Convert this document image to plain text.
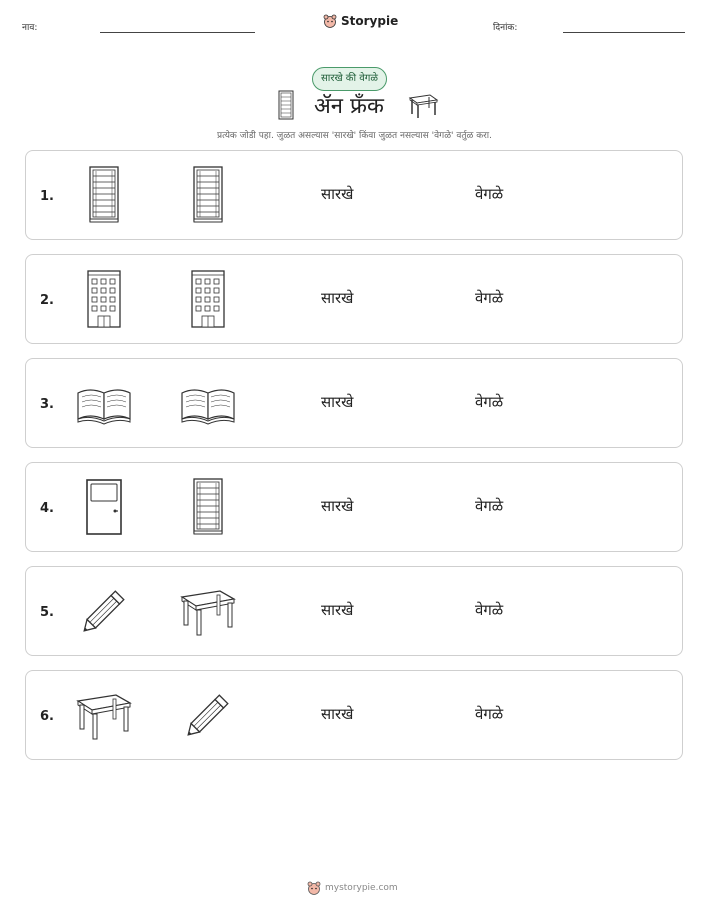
नाव:	Storypie	दिनांक:
सारखे की वेगळे
ॲन फ्रँक
प्रत्येक जोडी पहा. जुळत असल्यास 'सारखे' किंवा जुळत नसल्यास 'वेगळे' वर्तुळ करा.
1.	सारखे	वेगळे
2.	सारखे	वेगळे
3.	सारखे	वेगळे
4.	सारखे	वेगळे
5.	सारखे	वेगळे
6.	सारखे	वेगळे
mystorypie.com
